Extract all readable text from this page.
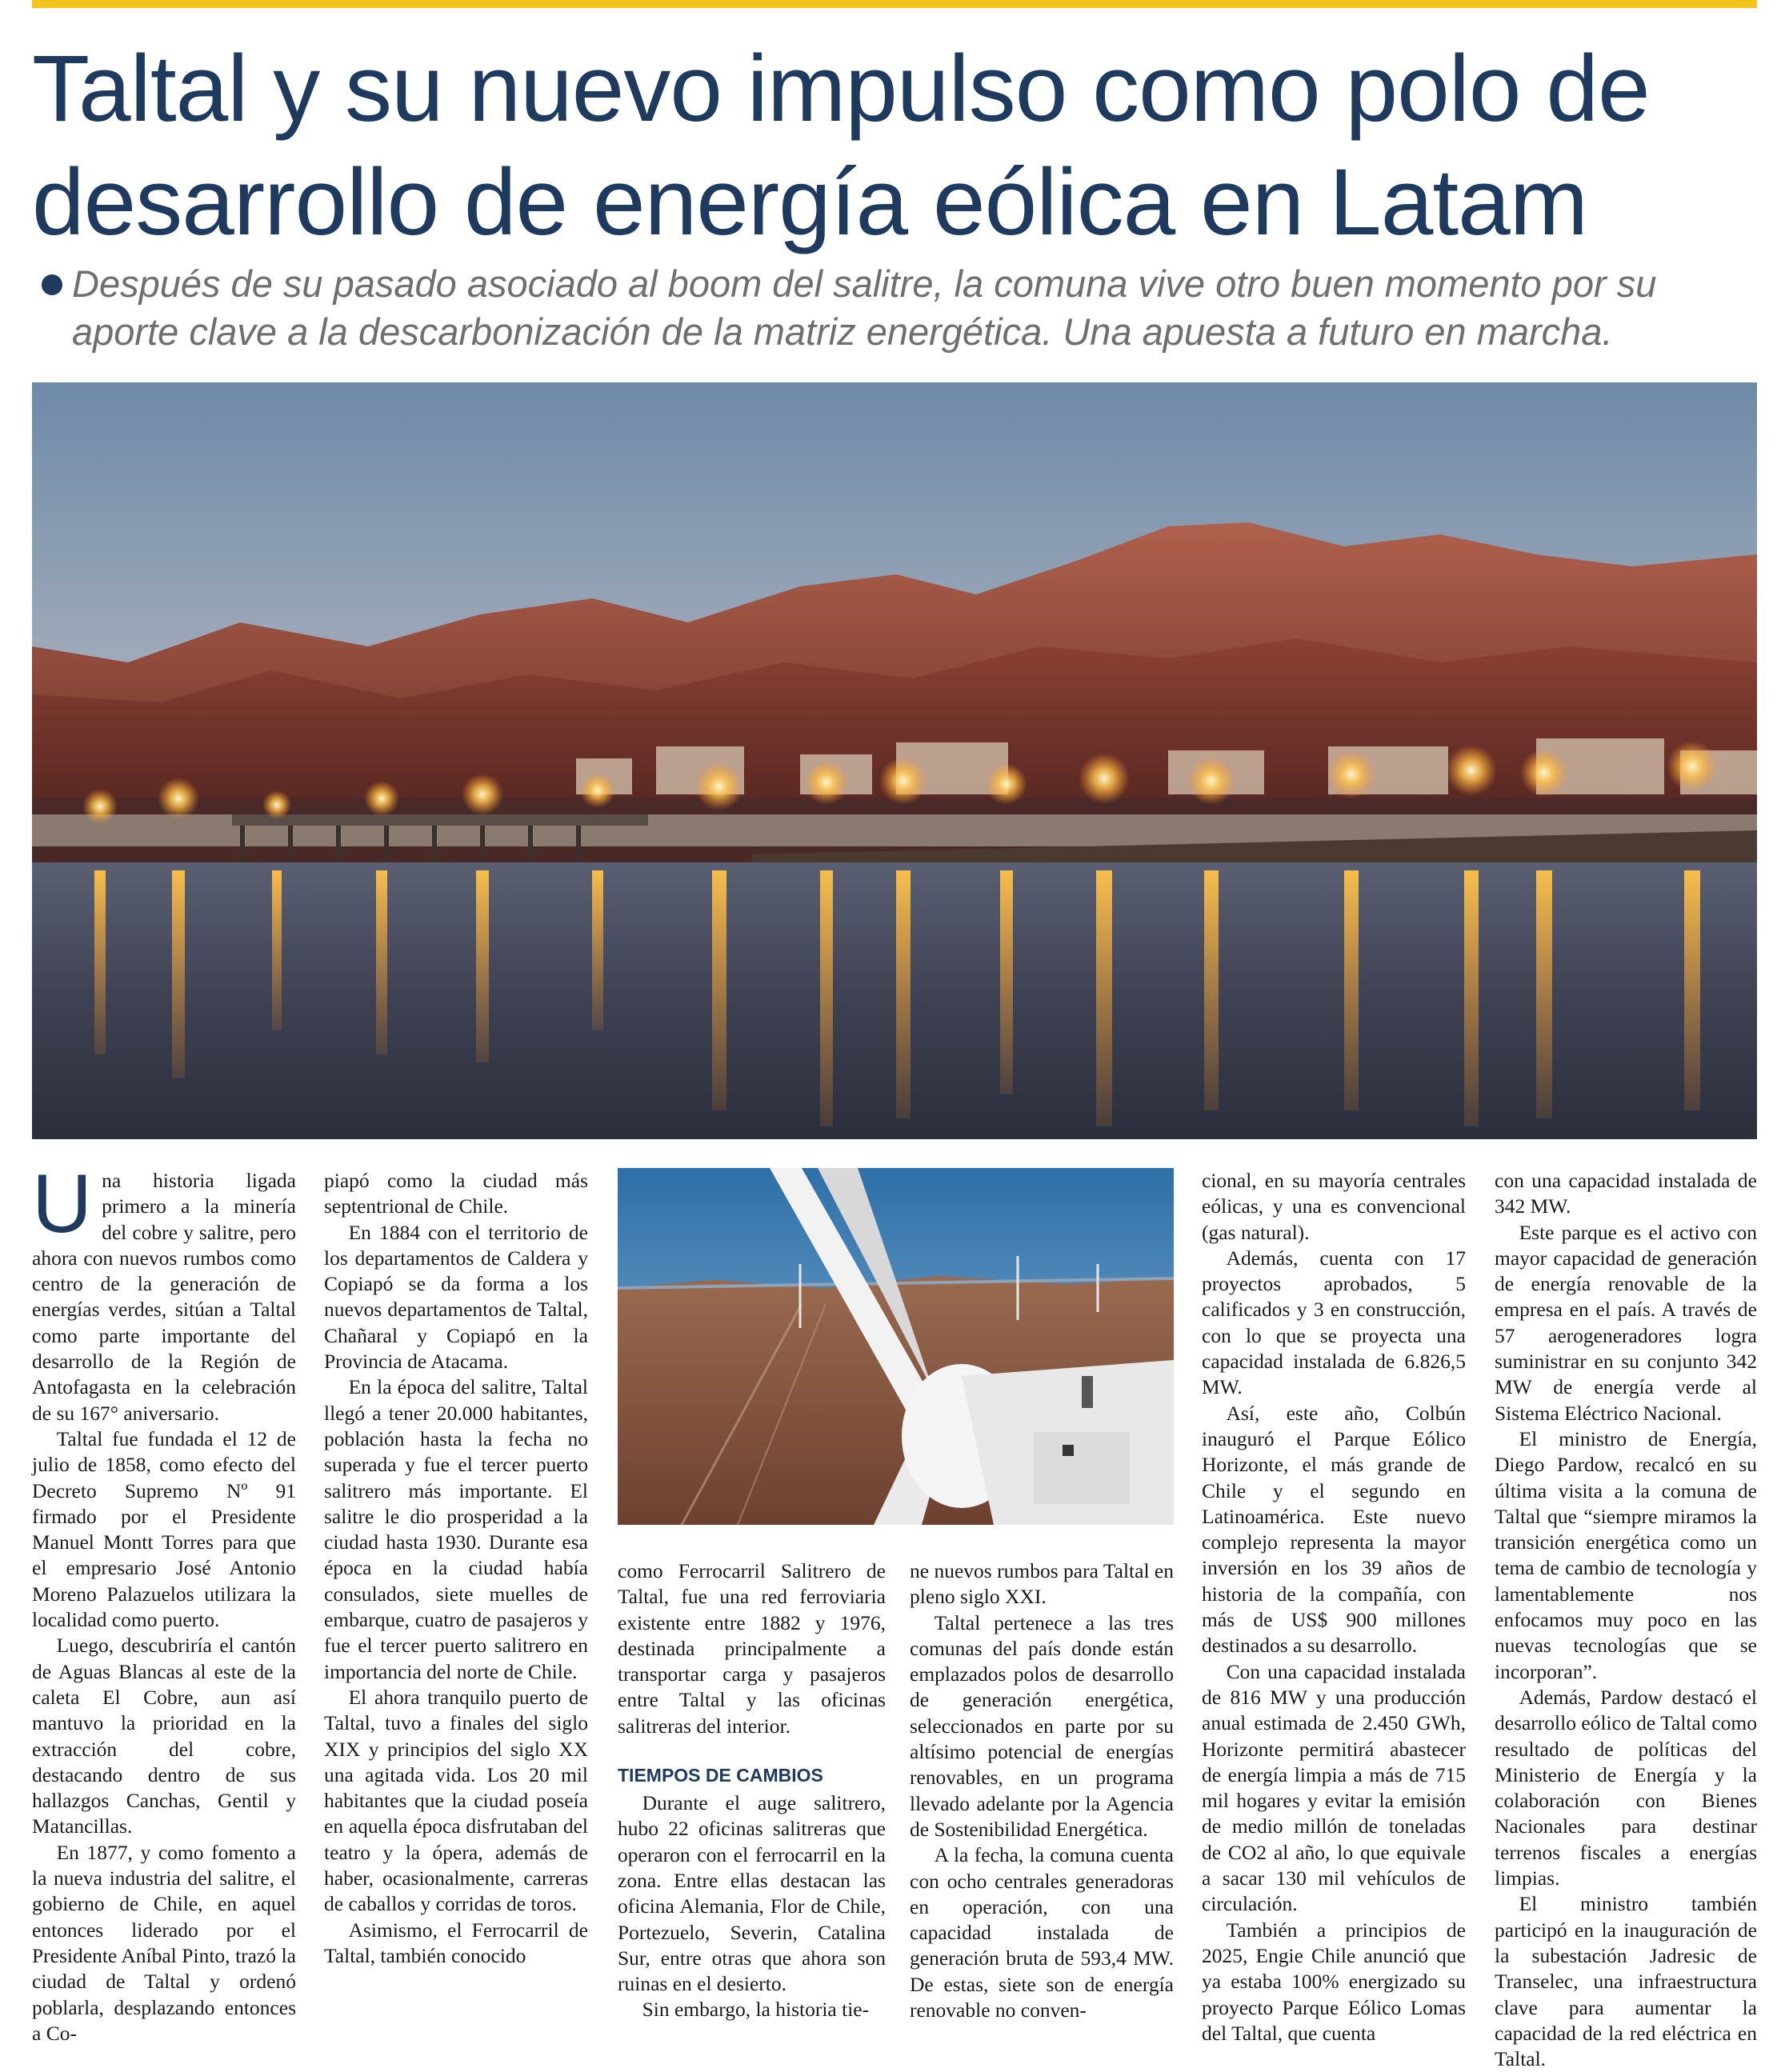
Taltal y su nuevo impulso como polo de desarrollo de energía eólica en Latam
Después de su pasado asociado al boom del salitre, la comuna vive otro buen momento por su aporte clave a la descarbonización de la matriz energética. Una apuesta a futuro en marcha.

Una historia ligada primero a la minería del cobre y salitre, pero ahora con nuevos rumbos como centro de la generación de energías verdes, sitúan a Taltal como parte importante del desarrollo de la Región de Antofagasta en la celebración de su 167° aniversario.

Taltal fue fundada el 12 de julio de 1858, como efecto del Decreto Supremo Nº 91 firmado por el Presidente Manuel Montt Torres para que el empresario José Antonio Moreno Palazuelos utilizara la localidad como puerto.

Luego, descubriría el cantón de Aguas Blancas al este de la caleta El Cobre, aun así mantuvo la prioridad en la extracción del cobre, destacando dentro de sus hallazgos Canchas, Gentil y Matancillas.

En 1877, y como fomento a la nueva industria del salitre, el gobierno de Chile, en aquel entonces liderado por el Presidente Aníbal Pinto, trazó la ciudad de Taltal y ordenó poblarla, desplazando entonces a Co-

piapó como la ciudad más septentrional de Chile.

En 1884 con el territorio de los departamentos de Caldera y Copiapó se da forma a los nuevos departamentos de Taltal, Chañaral y Copiapó en la Provincia de Atacama.

En la época del salitre, Taltal llegó a tener 20.000 habitantes, población hasta la fecha no superada y fue el tercer puerto salitrero más importante. El salitre le dio prosperidad a la ciudad hasta 1930. Durante esa época en la ciudad había consulados, siete muelles de embarque, cuatro de pasajeros y fue el tercer puerto salitrero en importancia del norte de Chile.

El ahora tranquilo puerto de Taltal, tuvo a finales del siglo XIX y principios del siglo XX una agitada vida. Los 20 mil habitantes que la ciudad poseía en aquella época disfrutaban del teatro y la ópera, además de haber, ocasionalmente, carreras de caballos y corridas de toros.

Asimismo, el Ferrocarril de Taltal, también conocido

como Ferrocarril Salitrero de Taltal, fue una red ferroviaria existente entre 1882 y 1976, destinada principalmente a transportar carga y pasajeros entre Taltal y las oficinas salitreras del interior.

TIEMPOS DE CAMBIOS

Durante el auge salitrero, hubo 22 oficinas salitreras que operaron con el ferrocarril en la zona. Entre ellas destacan las oficina Alemania, Flor de Chile, Portezuelo, Severin, Catalina Sur, entre otras que ahora son ruinas en el desierto.

Sin embargo, la historia tie-

ne nuevos rumbos para Taltal en pleno siglo XXI.

Taltal pertenece a las tres comunas del país donde están emplazados polos de desarrollo de generación energética, seleccionados en parte por su altísimo potencial de energías renovables, en un programa llevado adelante por la Agencia de Sostenibilidad Energética.

A la fecha, la comuna cuenta con ocho centrales generadoras en operación, con una capacidad instalada de generación bruta de 593,4 MW. De estas, siete son de energía renovable no conven-

cional, en su mayoría centrales eólicas, y una es convencional (gas natural).

Además, cuenta con 17 proyectos aprobados, 5 calificados y 3 en construcción, con lo que se proyecta una capacidad instalada de 6.826,5 MW.

Así, este año, Colbún inauguró el Parque Eólico Horizonte, el más grande de Chile y el segundo en Latinoamérica. Este nuevo complejo representa la mayor inversión en los 39 años de historia de la compañía, con más de US$ 900 millones destinados a su desarrollo.

Con una capacidad instalada de 816 MW y una producción anual estimada de 2.450 GWh, Horizonte permitirá abastecer de energía limpia a más de 715 mil hogares y evitar la emisión de medio millón de toneladas de CO2 al año, lo que equivale a sacar 130 mil vehículos de circulación.

También a principios de 2025, Engie Chile anunció que ya estaba 100% energizado su proyecto Parque Eólico Lomas del Taltal, que cuenta

con una capacidad instalada de 342 MW.

Este parque es el activo con mayor capacidad de generación de energía renovable de la empresa en el país. A través de 57 aerogeneradores logra suministrar en su conjunto 342 MW de energía verde al Sistema Eléctrico Nacional.

El ministro de Energía, Diego Pardow, recalcó en su última visita a la comuna de Taltal que “siempre miramos la transición energética como un tema de cambio de tecnología y lamentablemente nos enfocamos muy poco en las nuevas tecnologías que se incorporan”.

Además, Pardow destacó el desarrollo eólico de Taltal como resultado de políticas del Ministerio de Energía y la colaboración con Bienes Nacionales para destinar terrenos fiscales a energías limpias.

El ministro también participó en la inauguración de la subestación Jadresic de Transelec, una infraestructura clave para aumentar la capacidad de la red eléctrica en Taltal.
